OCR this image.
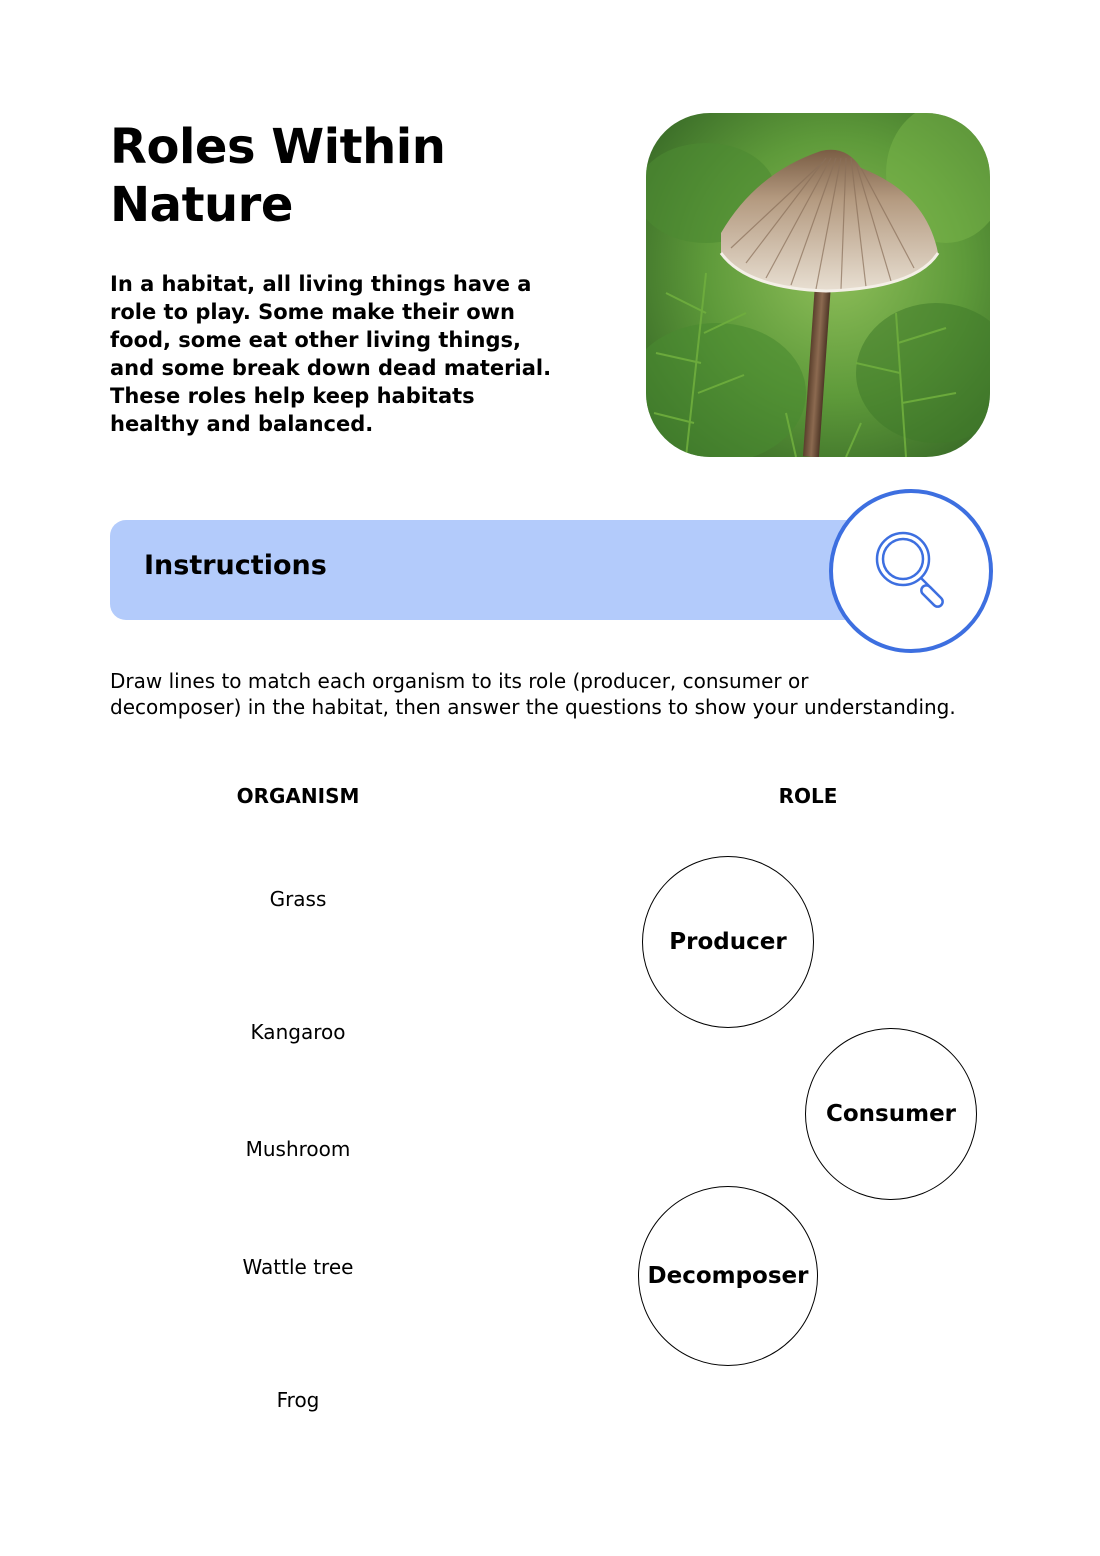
Roles Within Nature

In a habitat, all living things have a role to play. Some make their own food, some eat other living things, and some break down dead material. These roles help keep habitats healthy and balanced.

Instructions

Draw lines to match each organism to its role (producer, consumer or
decomposer) in the habitat, then answer the questions to show your understanding.

ORGANISM	ROLE

Grass

Kangaroo

Mushroom

Wattle tree

Frog

Producer
Consumer
Decomposer
